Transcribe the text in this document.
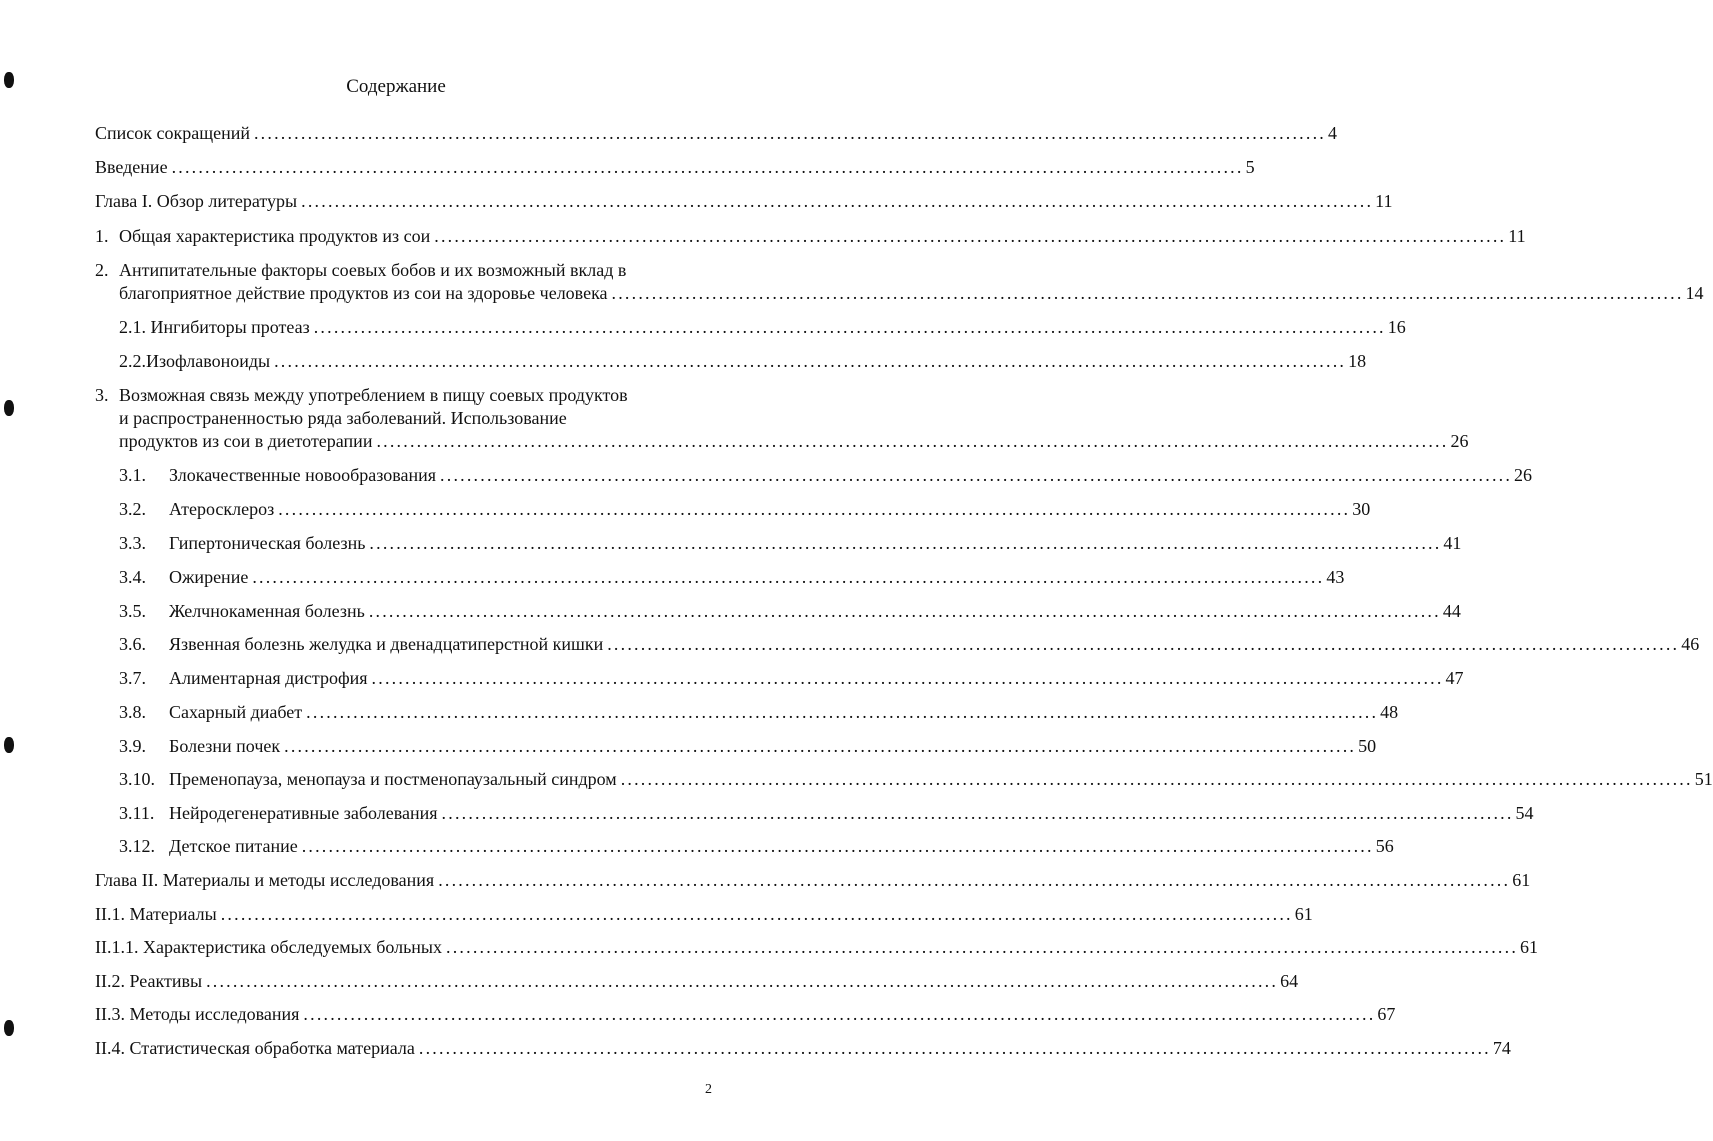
Содержание
Список сокращений ................................................................................................................................................................ 4
Введение ................................................................................................................................................................ 5
Глава I. Обзор литературы ................................................................................................................................................................ 11
1. Общая характеристика продуктов из сои ................................................................................................................................................................ 11
2. Антипитательные факторы соевых бобов и их возможный вклад в
благоприятное действие продуктов из сои на здоровье человека ................................................................................................................................................................ 14
2.1. Ингибиторы протеаз ................................................................................................................................................................ 16
2.2.Изофлавоноиды ................................................................................................................................................................ 18
3. Возможная связь между употреблением в пищу соевых продуктов
и распространенностью ряда заболеваний. Использование
продуктов из сои в диетотерапии ................................................................................................................................................................ 26
3.1.	Злокачественные новообразования ................................................................................................................................................................ 26
3.2.	Атеросклероз ................................................................................................................................................................ 30
3.3.	Гипертоническая болезнь ................................................................................................................................................................ 41
3.4.	Ожирение ................................................................................................................................................................ 43
3.5.	Желчнокаменная болезнь ................................................................................................................................................................ 44
3.6.	Язвенная болезнь желудка и двенадцатиперстной кишки ................................................................................................................................................................ 46
3.7.	Алиментарная дистрофия ................................................................................................................................................................ 47
3.8.	Сахарный диабет ................................................................................................................................................................ 48
3.9.	Болезни почек ................................................................................................................................................................ 50
3.10. Пременопауза, менопауза и постменопаузальный синдром ................................................................................................................................................................ 51
3.11. Нейродегенеративные заболевания ................................................................................................................................................................ 54
3.12. Детское питание ................................................................................................................................................................ 56
Глава II. Материалы и методы исследования ................................................................................................................................................................ 61
II.1. Материалы ................................................................................................................................................................ 61
II.1.1. Характеристика обследуемых больных ................................................................................................................................................................ 61
II.2. Реактивы ................................................................................................................................................................ 64
II.3. Методы исследования ................................................................................................................................................................ 67
II.4. Статистическая обработка материала ................................................................................................................................................................ 74
2
